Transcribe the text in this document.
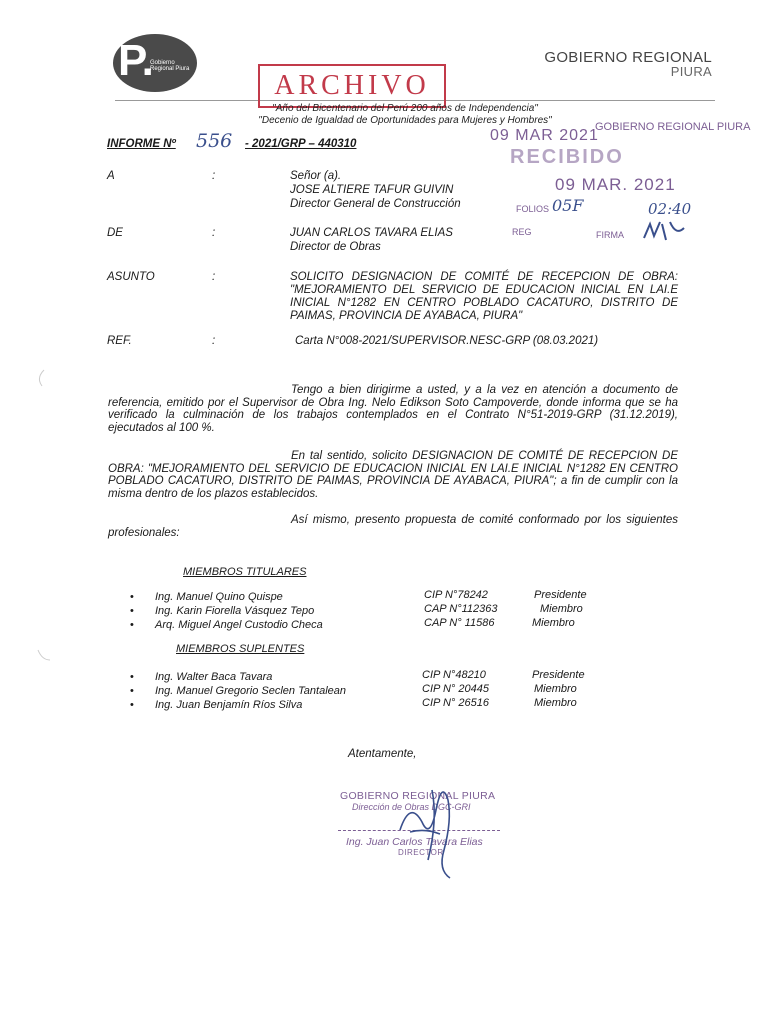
P.
Gobierno Regional Piura
GOBIERNO REGIONAL
PIURA
ARCHIVO
"Año del Bicentenario del Perú 200 años de Independencia"
"Decenio de Igualdad de Oportunidades para Mujeres y Hombres"
GOBIERNO REGIONAL PIURA
09 MAR 2021
RECIBIDO
09 MAR. 2021
FOLIOS 05F	02:40
REG	FIRMA
INFORME Nº 556 - 2021/GRP – 440310
A	:	Señor (a).
JOSE ALTIERE TAFUR GUIVIN
Director General de Construcción
DE	:	JUAN CARLOS TAVARA ELIAS
Director de Obras
ASUNTO	:	SOLICITO DESIGNACION DE COMITÉ DE RECEPCION DE OBRA: "MEJORAMIENTO DEL SERVICIO DE EDUCACION INICIAL EN LAI.E INICIAL N°1282 EN CENTRO POBLADO CACATURO, DISTRITO DE PAIMAS, PROVINCIA DE AYABACA, PIURA"
REF.	:	Carta N°008-2021/SUPERVISOR.NESC-GRP (08.03.2021)
Tengo a bien dirigirme a usted, y a la vez en atención a documento de referencia, emitido por el Supervisor de Obra Ing. Nelo Edikson Soto Campoverde, donde informa que se ha verificado la culminación de los trabajos contemplados en el Contrato N°51-2019-GRP (31.12.2019), ejecutados al 100 %.
En tal sentido, solicito DESIGNACION DE COMITÉ DE RECEPCION DE OBRA: "MEJORAMIENTO DEL SERVICIO DE EDUCACION INICIAL EN LAI.E INICIAL N°1282 EN CENTRO POBLADO CACATURO, DISTRITO DE PAIMAS, PROVINCIA DE AYABACA, PIURA"; a fin de cumplir con la misma dentro de los plazos establecidos.
Así mismo, presento propuesta de comité conformado por los siguientes profesionales:
MIEMBROS TITULARES
• Ing. Manuel Quino Quispe	CIP N°78242	Presidente
• Ing. Karin Fiorella Vásquez Tepo	CAP N°112363	Miembro
• Arq. Miguel Angel Custodio Checa	CAP N° 11586	Miembro
MIEMBROS SUPLENTES
• Ing. Walter Baca Tavara	CIP N°48210	Presidente
• Ing. Manuel Gregorio Seclen Tantalean	CIP N° 20445	Miembro
• Ing. Juan Benjamín Ríos Silva	CIP N° 26516	Miembro
Atentamente,
GOBIERNO REGIONAL PIURA
Dirección de Obras DGC-GRI
Ing. Juan Carlos Tavara Elias
DIRECTOR
